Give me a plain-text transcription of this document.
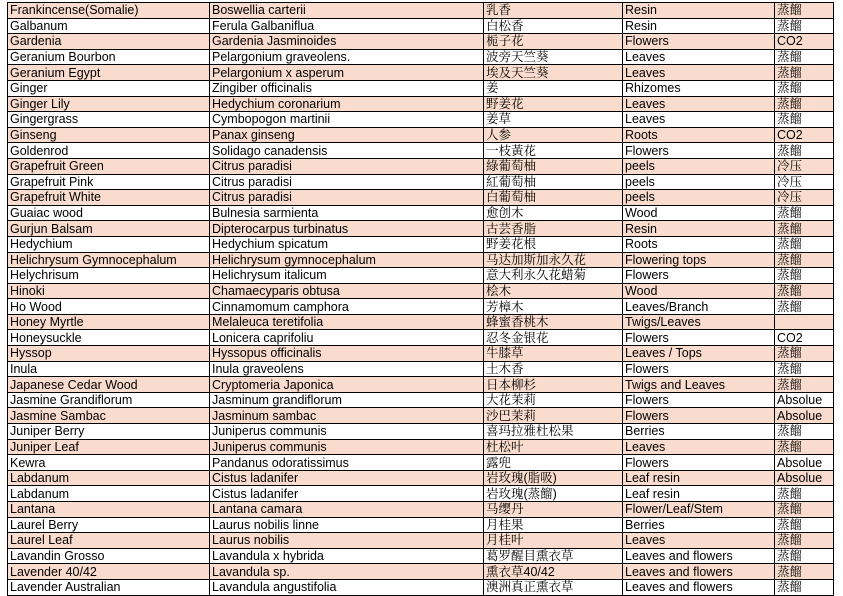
Frankincense(Somalie)	Boswellia carterii	乳香	Resin	蒸餾
Galbanum	Ferula Galbaniflua	白松香	Resin	蒸餾
Gardenia	Gardenia Jasminoides	栀子花	Flowers	CO2
Geranium Bourbon	Pelargonium graveolens.	波旁天竺葵	Leaves	蒸餾
Geranium Egypt	Pelargonium x asperum	埃及天竺葵	Leaves	蒸餾
Ginger	Zingiber officinalis	姜	Rhizomes	蒸餾
Ginger Lily	Hedychium coronarium	野姜花	Leaves	蒸餾
Gingergrass	Cymbopogon martinii	姜草	Leaves	蒸餾
Ginseng	Panax ginseng	人参	Roots	CO2
Goldenrod	Solidago canadensis	一枝黃花	Flowers	蒸餾
Grapefruit Green	Citrus paradisi	綠葡萄柚	peels	冷压
Grapefruit Pink	Citrus paradisi	紅葡萄柚	peels	冷压
Grapefruit White	Citrus paradisi	白葡萄柚	peels	冷压
Guaiac wood	Bulnesia sarmienta	愈创木	Wood	蒸餾
Gurjun Balsam	Dipterocarpus turbinatus	古芸香脂	Resin	蒸餾
Hedychium	Hedychium spicatum	野姜花根	Roots	蒸餾
Helichrysum Gymnocephalum	Helichrysum gymnocephalum	马达加斯加永久花	Flowering tops	蒸餾
Helychrisum	Helichrysum italicum	意大利永久花蜡菊	Flowers	蒸餾
Hinoki	Chamaecyparis obtusa	桧木	Wood	蒸餾
Ho Wood	Cinnamomum camphora	芳樟木	Leaves/Branch	蒸餾
Honey Myrtle	Melaleuca teretifolia	蜂蜜香桃木	Twigs/Leaves	
Honeysuckle	Lonicera caprifoliu	忍冬金银花	Flowers	CO2
Hyssop	Hyssopus officinalis	牛膝草	Leaves / Tops	蒸餾
Inula	Inula graveolens	土木香	Flowers	蒸餾
Japanese Cedar Wood	Cryptomeria Japonica	日本柳杉	Twigs and Leaves	蒸餾
Jasmine Grandiflorum	Jasminum grandiflorum	大花茉莉	Flowers	Absolue
Jasmine Sambac	Jasminum sambac	沙巴茉莉	Flowers	Absolue
Juniper Berry	Juniperus communis	喜玛拉雅杜松果	Berries	蒸餾
Juniper Leaf	Juniperus communis	杜松叶	Leaves	蒸餾
Kewra	Pandanus odoratissimus	露兜	Flowers	Absolue
Labdanum	Cistus ladanifer	岩玫瑰(脂吸)	Leaf resin	Absolue
Labdanum	Cistus ladanifer	岩玫瑰(蒸餾)	Leaf resin	蒸餾
Lantana	Lantana camara	马缨丹	Flower/Leaf/Stem	蒸餾
Laurel Berry	Laurus nobilis linne	月桂果	Berries	蒸餾
Laurel Leaf	Laurus nobilis	月桂叶	Leaves	蒸餾
Lavandin Grosso	Lavandula x hybrida	葛罗醒目熏衣草	Leaves and flowers	蒸餾
Lavender 40/42	Lavandula sp.	熏衣草40/42	Leaves and flowers	蒸餾
Lavender Australian	Lavandula angustifolia	澳洲真正熏衣草	Leaves and flowers	蒸餾
